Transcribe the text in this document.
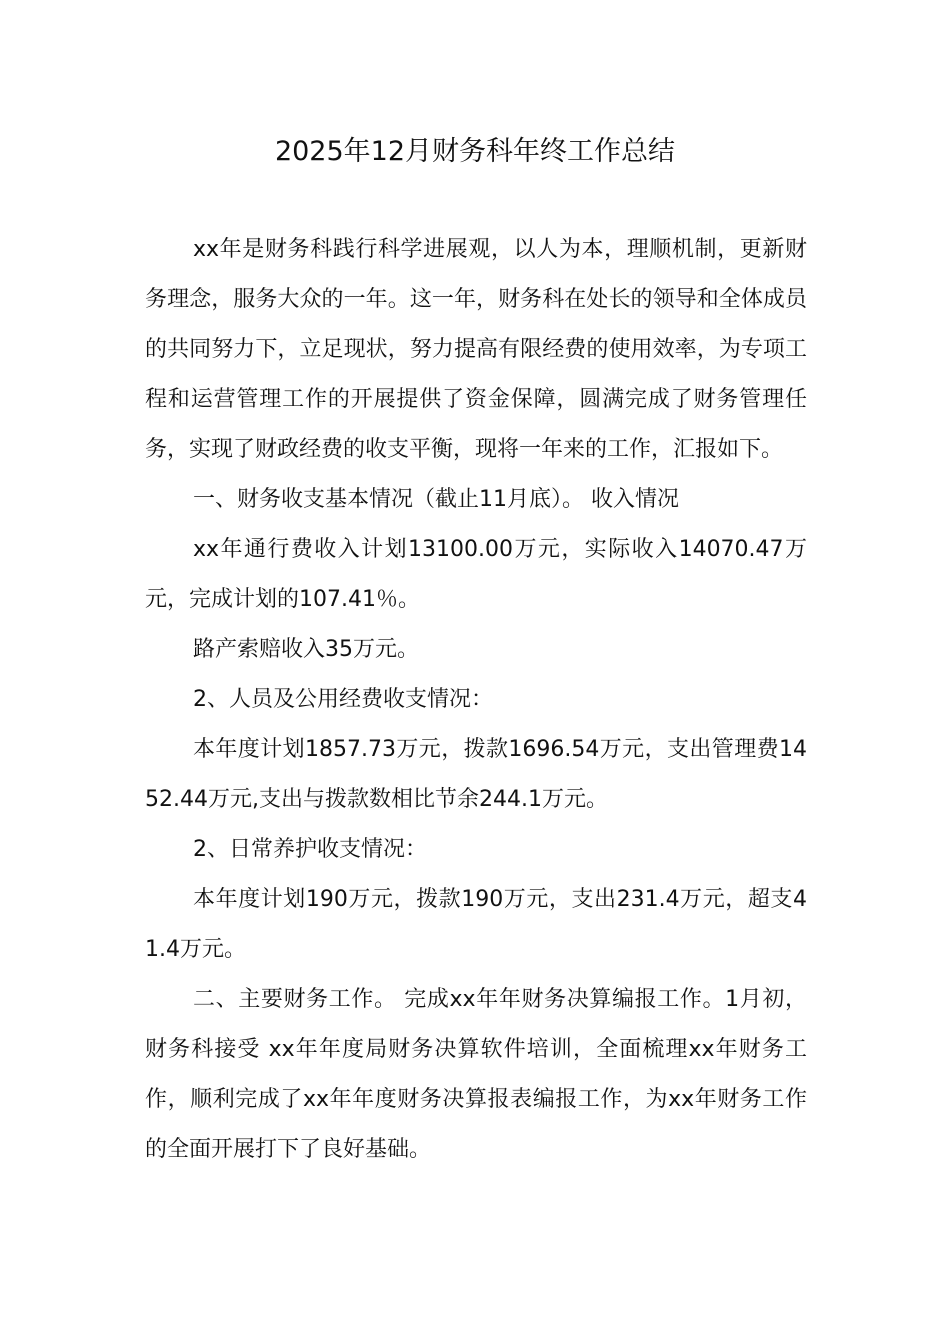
2025年12月财务科年终工作总结

xx年是财务科践行科学进展观，以人为本，理顺机制，更新财务理念，服务大众的一年。这一年，财务科在处长的领导和全体成员的共同努力下，立足现状，努力提高有限经费的使用效率，为专项工程和运营管理工作的开展提供了资金保障，圆满完成了财务管理任务，实现了财政经费的收支平衡，现将一年来的工作，汇报如下。

一、财务收支基本情况（截止11月底）。 收入情况

xx年通行费收入计划13100.00万元，实际收入14070.47万元，完成计划的107.41％。

路产索赔收入35万元。

2、人员及公用经费收支情况：

本年度计划1857.73万元，拨款1696.54万元，支出管理费1452.44万元,支出与拨款数相比节余244.1万元。

2、日常养护收支情况：

本年度计划190万元，拨款190万元，支出231.4万元，超支41.4万元。

二、主要财务工作。 完成xx年年财务决算编报工作。1月初，财务科接受 xx年年度局财务决算软件培训，全面梳理xx年财务工作，顺利完成了xx年年度财务决算报表编报工作，为xx年财务工作的全面开展打下了良好基础。
